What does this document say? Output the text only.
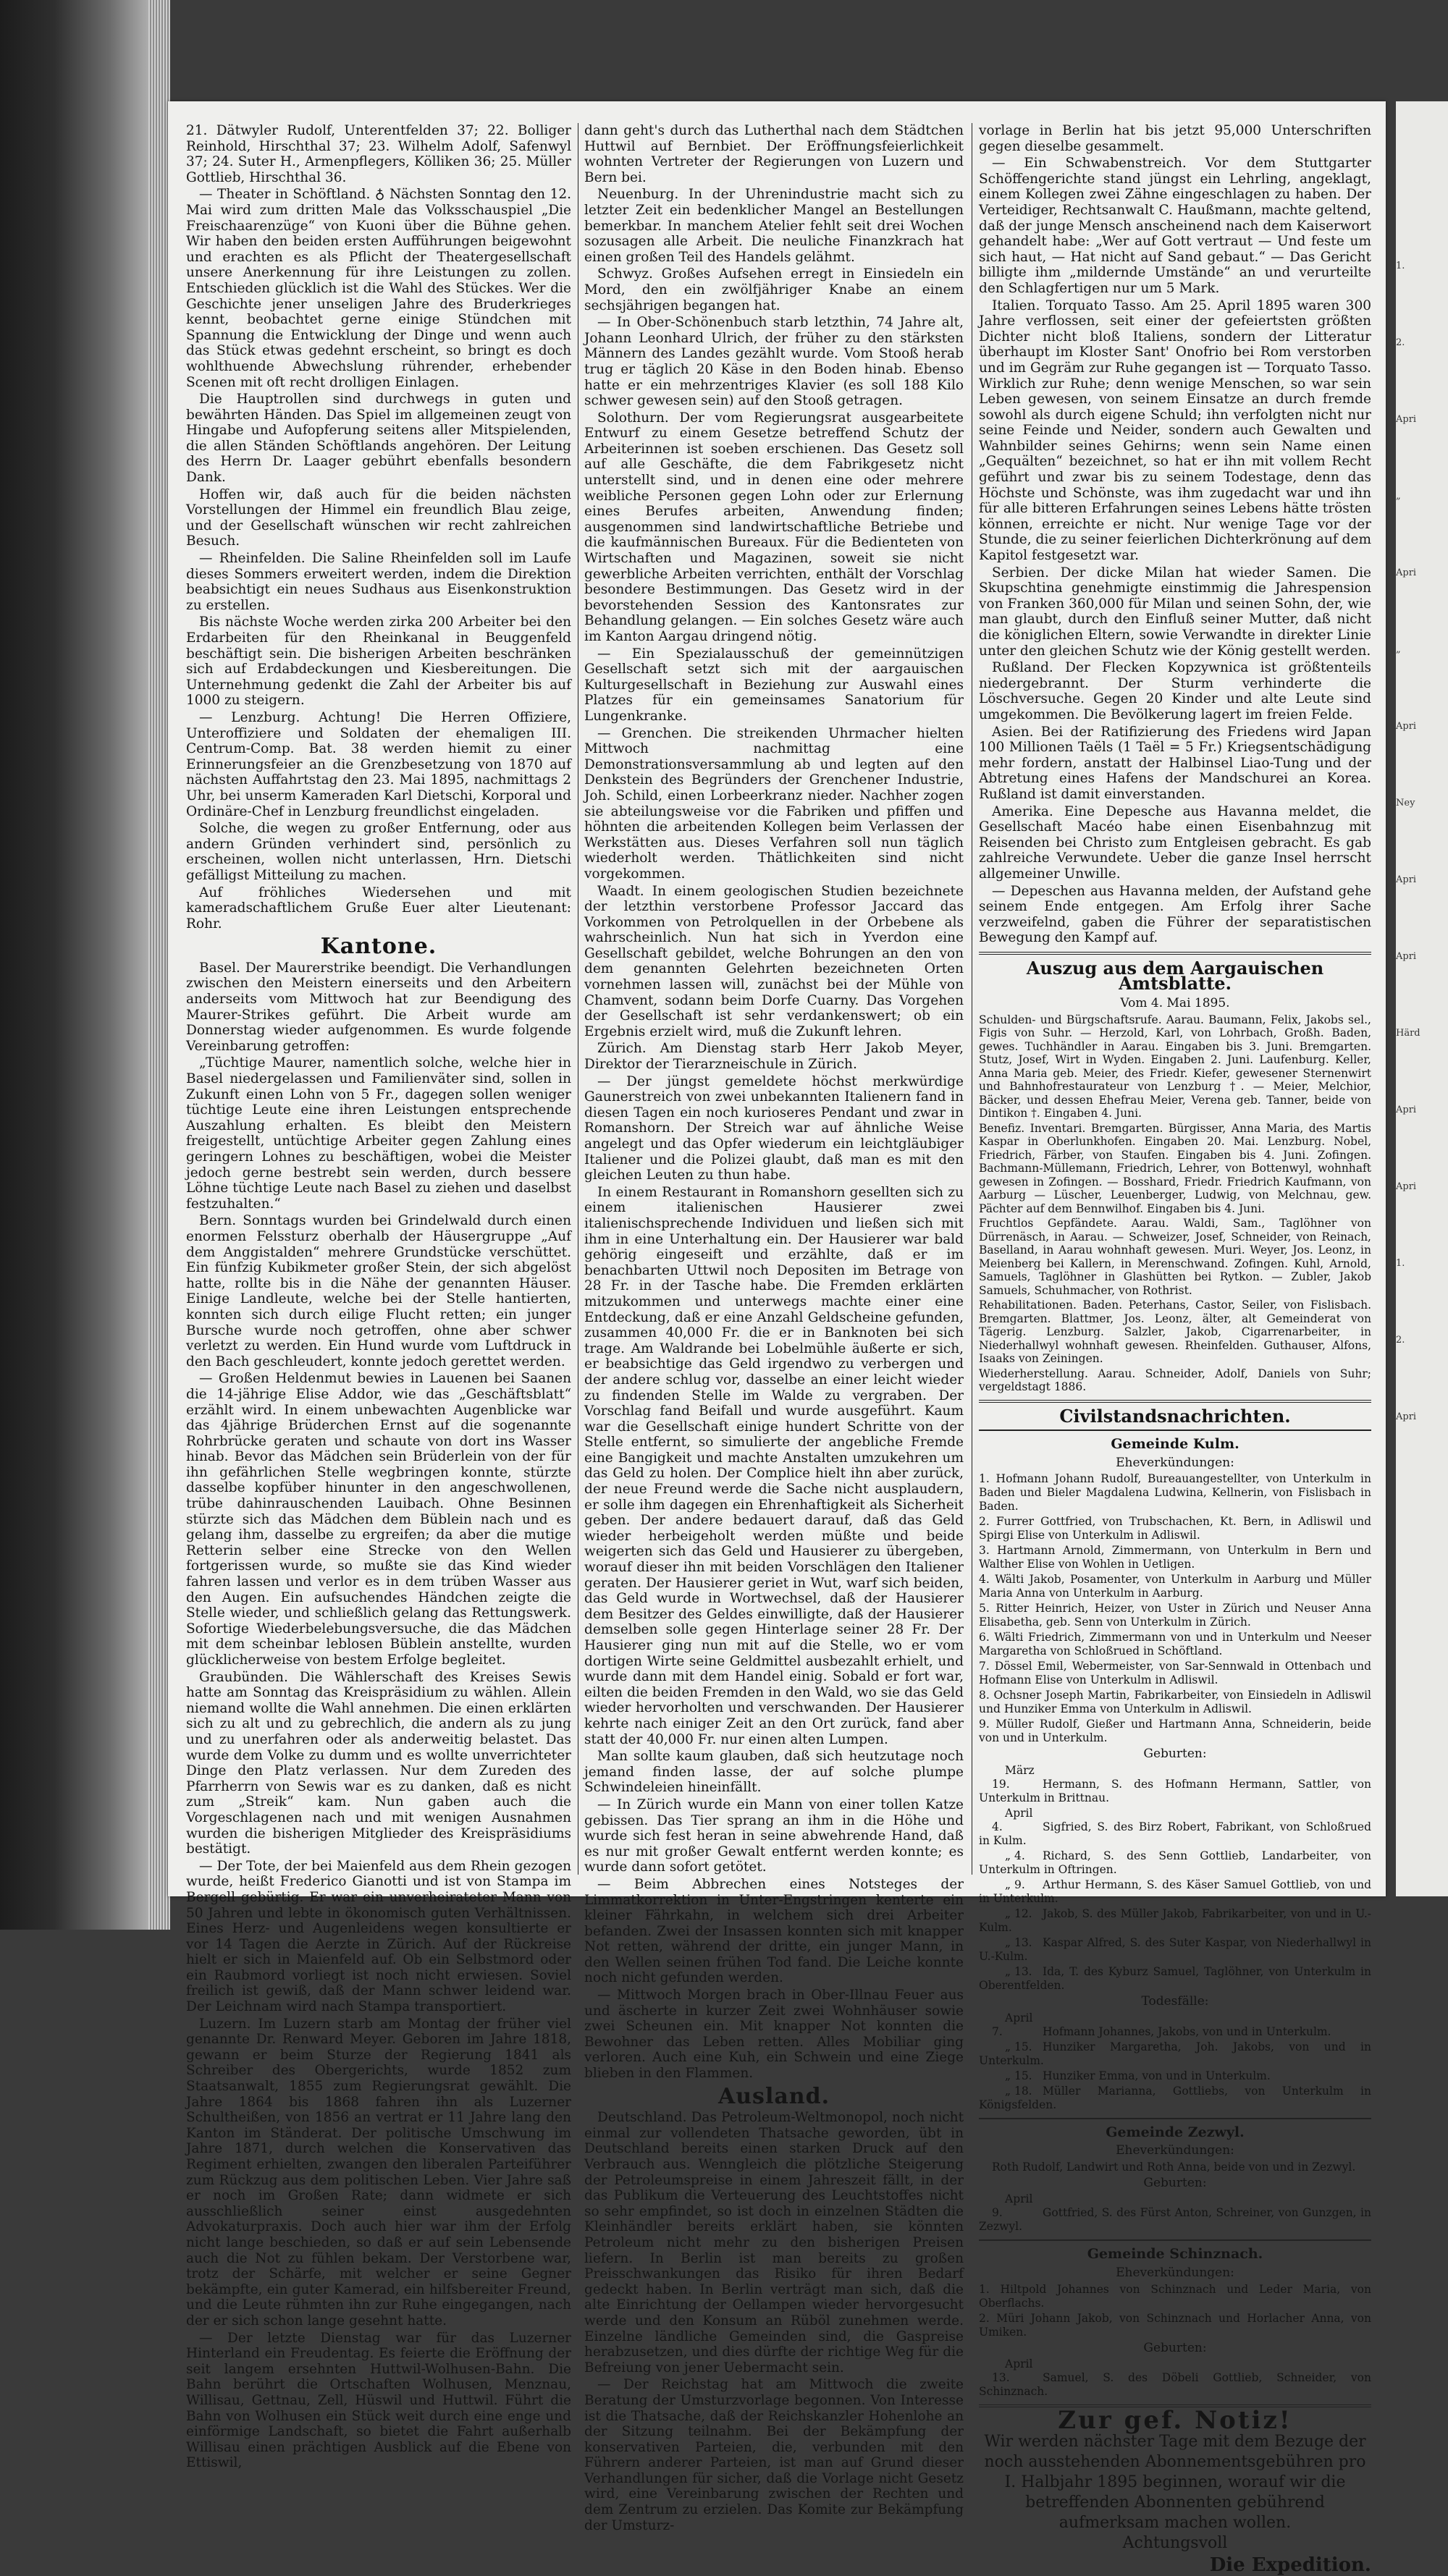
21. Dätwyler Rudolf, Unterentfelden 37; 22. Bolliger Reinhold, Hirschthal 37; 23. Wilhelm Adolf, Safenwyl 37; 24. Suter H., Armenpflegers, Kölliken 36; 25. Müller Gottlieb, Hirschthal 36.

— Theater in Schöftland. ♁ Nächsten Sonntag den 12. Mai wird zum dritten Male das Volksschauspiel „Die Freischaarenzüge“ von Kuoni über die Bühne gehen. Wir haben den beiden ersten Aufführungen beigewohnt und erachten es als Pflicht der Theatergesellschaft unsere Anerkennung für ihre Leistungen zu zollen. Entschieden glücklich ist die Wahl des Stückes. Wer die Geschichte jener unseligen Jahre des Bruderkrieges kennt, beobachtet gerne einige Stündchen mit Spannung die Entwicklung der Dinge und wenn auch das Stück etwas gedehnt erscheint, so bringt es doch wohlthuende Abwechslung rührender, erhebender Scenen mit oft recht drolligen Einlagen.

Die Hauptrollen sind durchwegs in guten und bewährten Händen. Das Spiel im allgemeinen zeugt von Hingabe und Aufopferung seitens aller Mitspielenden, die allen Ständen Schöftlands angehören. Der Leitung des Herrn Dr. Laager gebührt ebenfalls besondern Dank.

Hoffen wir, daß auch für die beiden nächsten Vorstellungen der Himmel ein freundlich Blau zeige, und der Gesellschaft wünschen wir recht zahlreichen Besuch.

— Rheinfelden. Die Saline Rheinfelden soll im Laufe dieses Sommers erweitert werden, indem die Direktion beabsichtigt ein neues Sudhaus aus Eisenkonstruktion zu erstellen.

Bis nächste Woche werden zirka 200 Arbeiter bei den Erdarbeiten für den Rheinkanal in Beuggenfeld beschäftigt sein. Die bisherigen Arbeiten beschränken sich auf Erdabdeckungen und Kiesbereitungen. Die Unternehmung gedenkt die Zahl der Arbeiter bis auf 1000 zu steigern.

— Lenzburg. Achtung! Die Herren Offiziere, Unteroffiziere und Soldaten der ehemaligen III. Centrum-Comp. Bat. 38 werden hiemit zu einer Erinnerungsfeier an die Grenzbesetzung von 1870 auf nächsten Auffahrtstag den 23. Mai 1895, nachmittags 2 Uhr, bei unserm Kameraden Karl Dietschi, Korporal und Ordinäre-Chef in Lenzburg freundlichst eingeladen.

Solche, die wegen zu großer Entfernung, oder aus andern Gründen verhindert sind, persönlich zu erscheinen, wollen nicht unterlassen, Hrn. Dietschi gefälligst Mitteilung zu machen.

Auf fröhliches Wiedersehen und mit kameradschaftlichem Gruße Euer alter Lieutenant: Rohr.

Kantone.

Basel. Der Maurerstrike beendigt. Die Verhandlungen zwischen den Meistern einerseits und den Arbeitern anderseits vom Mittwoch hat zur Beendigung des Maurer-Strikes geführt. Die Arbeit wurde am Donnerstag wieder aufgenommen. Es wurde folgende Vereinbarung getroffen:

„Tüchtige Maurer, namentlich solche, welche hier in Basel niedergelassen und Familienväter sind, sollen in Zukunft einen Lohn von 5 Fr., dagegen sollen weniger tüchtige Leute eine ihren Leistungen entsprechende Auszahlung erhalten. Es bleibt den Meistern freigestellt, untüchtige Arbeiter gegen Zahlung eines geringern Lohnes zu beschäftigen, wobei die Meister jedoch gerne bestrebt sein werden, durch bessere Löhne tüchtige Leute nach Basel zu ziehen und daselbst festzuhalten.“

Bern. Sonntags wurden bei Grindelwald durch einen enormen Felssturz oberhalb der Häusergruppe „Auf dem Anggistalden“ mehrere Grundstücke verschüttet. Ein fünfzig Kubikmeter großer Stein, der sich abgelöst hatte, rollte bis in die Nähe der genannten Häuser. Einige Landleute, welche bei der Stelle hantierten, konnten sich durch eilige Flucht retten; ein junger Bursche wurde noch getroffen, ohne aber schwer verletzt zu werden. Ein Hund wurde vom Luftdruck in den Bach geschleudert, konnte jedoch gerettet werden.

— Großen Heldenmut bewies in Lauenen bei Saanen die 14-jährige Elise Addor, wie das „Geschäftsblatt“ erzählt wird. In einem unbewachten Augenblicke war das 4jährige Brüderchen Ernst auf die sogenannte Rohrbrücke geraten und schaute von dort ins Wasser hinab. Bevor das Mädchen sein Brüderlein von der für ihn gefährlichen Stelle wegbringen konnte, stürzte dasselbe kopfüber hinunter in den angeschwollenen, trübe dahinrauschenden Lauibach. Ohne Besinnen stürzte sich das Mädchen dem Büblein nach und es gelang ihm, dasselbe zu ergreifen; da aber die mutige Retterin selber eine Strecke von den Wellen fortgerissen wurde, so mußte sie das Kind wieder fahren lassen und verlor es in dem trüben Wasser aus den Augen. Ein aufsuchendes Händchen zeigte die Stelle wieder, und schließlich gelang das Rettungswerk. Sofortige Wiederbelebungsversuche, die das Mädchen mit dem scheinbar leblosen Büblein anstellte, wurden glücklicherweise von bestem Erfolge begleitet.

Graubünden. Die Wählerschaft des Kreises Sewis hatte am Sonntag das Kreispräsidium zu wählen. Allein niemand wollte die Wahl annehmen. Die einen erklärten sich zu alt und zu gebrechlich, die andern als zu jung und zu unerfahren oder als anderweitig belastet. Das wurde dem Volke zu dumm und es wollte unverrichteter Dinge den Platz verlassen. Nur dem Zureden des Pfarrherrn von Sewis war es zu danken, daß es nicht zum „Streik“ kam. Nun gaben auch die Vorgeschlagenen nach und mit wenigen Ausnahmen wurden die bisherigen Mitglieder des Kreispräsidiums bestätigt.

— Der Tote, der bei Maienfeld aus dem Rhein gezogen wurde, heißt Frederico Gianotti und ist von Stampa im Bergell gebürtig. Er war ein unverheirateter Mann von 50 Jahren und lebte in ökonomisch guten Verhältnissen. Eines Herz- und Augenleidens wegen konsultierte er vor 14 Tagen die Aerzte in Zürich. Auf der Rückreise hielt er sich in Maienfeld auf. Ob ein Selbstmord oder ein Raubmord vorliegt ist noch nicht erwiesen. Soviel freilich ist gewiß, daß der Mann schwer leidend war. Der Leichnam wird nach Stampa transportiert.

Luzern. Im Luzern starb am Montag der früher viel genannte Dr. Renward Meyer. Geboren im Jahre 1818, gewann er beim Sturze der Regierung 1841 als Schreiber des Obergerichts, wurde 1852 zum Staatsanwalt, 1855 zum Regierungsrat gewählt. Die Jahre 1864 bis 1868 fahren ihn als Luzerner Schultheißen, von 1856 an vertrat er 11 Jahre lang den Kanton im Ständerat. Der politische Umschwung im Jahre 1871, durch welchen die Konservativen das Regiment erhielten, zwangen den liberalen Parteiführer zum Rückzug aus dem politischen Leben. Vier Jahre saß er noch im Großen Rate; dann widmete er sich ausschließlich seiner einst ausgedehnten Advokaturpraxis. Doch auch hier war ihm der Erfolg nicht lange beschieden, so daß er auf sein Lebensende auch die Not zu fühlen bekam. Der Verstorbene war, trotz der Schärfe, mit welcher er seine Gegner bekämpfte, ein guter Kamerad, ein hilfsbereiter Freund, und die Leute rühmten ihn zur Ruhe eingegangen, nach der er sich schon lange gesehnt hatte.

— Der letzte Dienstag war für das Luzerner Hinterland ein Freudentag. Es feierte die Eröffnung der seit langem ersehnten Huttwil-Wolhusen-Bahn. Die Bahn berührt die Ortschaften Wolhusen, Menznau, Willisau, Gettnau, Zell, Hüswil und Huttwil. Führt die Bahn von Wolhusen ein Stück weit durch eine enge und einförmige Landschaft, so bietet die Fahrt außerhalb Willisau einen prächtigen Ausblick auf die Ebene von Ettiswil,

dann geht's durch das Lutherthal nach dem Städtchen Huttwil auf Bernbiet. Der Eröffnungsfeierlichkeit wohnten Vertreter der Regierungen von Luzern und Bern bei.

Neuenburg. In der Uhrenindustrie macht sich zu letzter Zeit ein bedenklicher Mangel an Bestellungen bemerkbar. In manchem Atelier fehlt seit drei Wochen sozusagen alle Arbeit. Die neuliche Finanzkrach hat einen großen Teil des Handels gelähmt.

Schwyz. Großes Aufsehen erregt in Einsiedeln ein Mord, den ein zwölfjähriger Knabe an einem sechsjährigen begangen hat.

— In Ober-Schönenbuch starb letzthin, 74 Jahre alt, Johann Leonhard Ulrich, der früher zu den stärksten Männern des Landes gezählt wurde. Vom Stooß herab trug er täglich 20 Käse in den Boden hinab. Ebenso hatte er ein mehrzentriges Klavier (es soll 188 Kilo schwer gewesen sein) auf den Stooß getragen.

Solothurn. Der vom Regierungsrat ausgearbeitete Entwurf zu einem Gesetze betreffend Schutz der Arbeiterinnen ist soeben erschienen. Das Gesetz soll auf alle Geschäfte, die dem Fabrikgesetz nicht unterstellt sind, und in denen eine oder mehrere weibliche Personen gegen Lohn oder zur Erlernung eines Berufes arbeiten, Anwendung finden; ausgenommen sind landwirtschaftliche Betriebe und die kaufmännischen Bureaux. Für die Bedienteten von Wirtschaften und Magazinen, soweit sie nicht gewerbliche Arbeiten verrichten, enthält der Vorschlag besondere Bestimmungen. Das Gesetz wird in der bevorstehenden Session des Kantonsrates zur Behandlung gelangen. — Ein solches Gesetz wäre auch im Kanton Aargau dringend nötig.

— Ein Spezialausschuß der gemeinnützigen Gesellschaft setzt sich mit der aargauischen Kulturgesellschaft in Beziehung zur Auswahl eines Platzes für ein gemeinsames Sanatorium für Lungenkranke.

— Grenchen. Die streikenden Uhrmacher hielten Mittwoch nachmittag eine Demonstrationsversammlung ab und legten auf den Denkstein des Begründers der Grenchener Industrie, Joh. Schild, einen Lorbeerkranz nieder. Nachher zogen sie abteilungsweise vor die Fabriken und pfiffen und höhnten die arbeitenden Kollegen beim Verlassen der Werkstätten aus. Dieses Verfahren soll nun täglich wiederholt werden. Thätlichkeiten sind nicht vorgekommen.

Waadt. In einem geologischen Studien bezeichnete der letzthin verstorbene Professor Jaccard das Vorkommen von Petrolquellen in der Orbebene als wahrscheinlich. Nun hat sich in Yverdon eine Gesellschaft gebildet, welche Bohrungen an den von dem genannten Gelehrten bezeichneten Orten vornehmen lassen will, zunächst bei der Mühle von Chamvent, sodann beim Dorfe Cuarny. Das Vorgehen der Gesellschaft ist sehr verdankenswert; ob ein Ergebnis erzielt wird, muß die Zukunft lehren.

Zürich. Am Dienstag starb Herr Jakob Meyer, Direktor der Tierarzneischule in Zürich.

— Der jüngst gemeldete höchst merkwürdige Gaunerstreich von zwei unbekannten Italienern fand in diesen Tagen ein noch kurioseres Pendant und zwar in Romanshorn. Der Streich war auf ähnliche Weise angelegt und das Opfer wiederum ein leichtgläubiger Italiener und die Polizei glaubt, daß man es mit den gleichen Leuten zu thun habe.

In einem Restaurant in Romanshorn gesellten sich zu einem italienischen Hausierer zwei italienischsprechende Individuen und ließen sich mit ihm in eine Unterhaltung ein. Der Hausierer war bald gehörig eingeseift und erzählte, daß er im benachbarten Uttwil noch Depositen im Betrage von 28 Fr. in der Tasche habe. Die Fremden erklärten mitzukommen und unterwegs machte einer eine Entdeckung, daß er eine Anzahl Geldscheine gefunden, zusammen 40,000 Fr. die er in Banknoten bei sich trage. Am Waldrande bei Lobelmühle äußerte er sich, er beabsichtige das Geld irgendwo zu verbergen und der andere schlug vor, dasselbe an einer leicht wieder zu findenden Stelle im Walde zu vergraben. Der Vorschlag fand Beifall und wurde ausgeführt. Kaum war die Gesellschaft einige hundert Schritte von der Stelle entfernt, so simulierte der angebliche Fremde eine Bangigkeit und machte Anstalten umzukehren um das Geld zu holen. Der Complice hielt ihn aber zurück, der neue Freund werde die Sache nicht ausplaudern, er solle ihm dagegen ein Ehrenhaftigkeit als Sicherheit geben. Der andere bedauert darauf, daß das Geld wieder herbeigeholt werden müßte und beide weigerten sich das Geld und Hausierer zu übergeben, worauf dieser ihn mit beiden Vorschlägen den Italiener geraten. Der Hausierer geriet in Wut, warf sich beiden, das Geld wurde in Wortwechsel, daß der Hausierer dem Besitzer des Geldes einwilligte, daß der Hausierer demselben solle gegen Hinterlage seiner 28 Fr. Der Hausierer ging nun mit auf die Stelle, wo er vom dortigen Wirte seine Geldmittel ausbezahlt erhielt, und wurde dann mit dem Handel einig. Sobald er fort war, eilten die beiden Fremden in den Wald, wo sie das Geld wieder hervorholten und verschwanden. Der Hausierer kehrte nach einiger Zeit an den Ort zurück, fand aber statt der 40,000 Fr. nur einen alten Lumpen.

Man sollte kaum glauben, daß sich heutzutage noch jemand finden lasse, der auf solche plumpe Schwindeleien hineinfällt.

— In Zürich wurde ein Mann von einer tollen Katze gebissen. Das Tier sprang an ihm in die Höhe und wurde sich fest heran in seine abwehrende Hand, daß es nur mit großer Gewalt entfernt werden konnte; es wurde dann sofort getötet.

— Beim Abbrechen eines Notsteges der Limmatkorrektion in Unter-Engstringen kenterte ein kleiner Fährkahn, in welchem sich drei Arbeiter befanden. Zwei der Insassen konnten sich mit knapper Not retten, während der dritte, ein junger Mann, in den Wellen seinen frühen Tod fand. Die Leiche konnte noch nicht gefunden werden.

— Mittwoch Morgen brach in Ober-Illnau Feuer aus und äscherte in kurzer Zeit zwei Wohnhäuser sowie zwei Scheunen ein. Mit knapper Not konnten die Bewohner das Leben retten. Alles Mobiliar ging verloren. Auch eine Kuh, ein Schwein und eine Ziege blieben in den Flammen.

Ausland.

Deutschland. Das Petroleum-Weltmonopol, noch nicht einmal zur vollendeten Thatsache geworden, übt in Deutschland bereits einen starken Druck auf den Verbrauch aus. Wenngleich die plötzliche Steigerung der Petroleumspreise in einem Jahreszeit fällt, in der das Publikum die Verteuerung des Leuchtstoffes nicht so sehr empfindet, so ist doch in einzelnen Städten die Kleinhändler bereits erklärt haben, sie könnten Petroleum nicht mehr zu den bisherigen Preisen liefern. In Berlin ist man bereits zu großen Preisschwankungen das Risiko für ihren Bedarf gedeckt haben. In Berlin verträgt man sich, daß die alte Einrichtung der Oellampen wieder hervorgesucht werde und den Konsum an Rüböl zunehmen werde. Einzelne ländliche Gemeinden sind, die Gaspreise herabzusetzen, und dies dürfte der richtige Weg für die Befreiung von jener Uebermacht sein.

— Der Reichstag hat am Mittwoch die zweite Beratung der Umsturzvorlage begonnen. Von Interesse ist die Thatsache, daß der Reichskanzler Hohenlohe an der Sitzung teilnahm. Bei der Bekämpfung der konservativen Parteien, die, verbunden mit den Führern anderer Parteien, ist man auf Grund dieser Verhandlungen für sicher, daß die Vorlage nicht Gesetz wird, eine Vereinbarung zwischen der Rechten und dem Zentrum zu erzielen. Das Komite zur Bekämpfung der Umsturz-

vorlage in Berlin hat bis jetzt 95,000 Unterschriften gegen dieselbe gesammelt.

— Ein Schwabenstreich. Vor dem Stuttgarter Schöffengerichte stand jüngst ein Lehrling, angeklagt, einem Kollegen zwei Zähne eingeschlagen zu haben. Der Verteidiger, Rechtsanwalt C. Haußmann, machte geltend, daß der junge Mensch anscheinend nach dem Kaiserwort gehandelt habe: „Wer auf Gott vertraut — Und feste um sich haut, — Hat nicht auf Sand gebaut.“ — Das Gericht billigte ihm „mildernde Umstände“ an und verurteilte den Schlagfertigen nur um 5 Mark.

Italien. Torquato Tasso. Am 25. April 1895 waren 300 Jahre verflossen, seit einer der gefeiertsten größten Dichter nicht bloß Italiens, sondern der Litteratur überhaupt im Kloster Sant' Onofrio bei Rom verstorben und im Gegräm zur Ruhe gegangen ist — Torquato Tasso. Wirklich zur Ruhe; denn wenige Menschen, so war sein Leben gewesen, von seinem Einsatze an durch fremde sowohl als durch eigene Schuld; ihn verfolgten nicht nur seine Feinde und Neider, sondern auch Gewalten und Wahnbilder seines Gehirns; wenn sein Name einen „Gequälten“ bezeichnet, so hat er ihn mit vollem Recht geführt und zwar bis zu seinem Todestage, denn das Höchste und Schönste, was ihm zugedacht war und ihn für alle bitteren Erfahrungen seines Lebens hätte trösten können, erreichte er nicht. Nur wenige Tage vor der Stunde, die zu seiner feierlichen Dichterkrönung auf dem Kapitol festgesetzt war.

Serbien. Der dicke Milan hat wieder Samen. Die Skupschtina genehmigte einstimmig die Jahrespension von Franken 360,000 für Milan und seinen Sohn, der, wie man glaubt, durch den Einfluß seiner Mutter, daß nicht die königlichen Eltern, sowie Verwandte in direkter Linie unter den gleichen Schutz wie der König gestellt werden.

Rußland. Der Flecken Kopzywnica ist größtenteils niedergebrannt. Der Sturm verhinderte die Löschversuche. Gegen 20 Kinder und alte Leute sind umgekommen. Die Bevölkerung lagert im freien Felde.

Asien. Bei der Ratifizierung des Friedens wird Japan 100 Millionen Taëls (1 Taël = 5 Fr.) Kriegsentschädigung mehr fordern, anstatt der Halbinsel Liao-Tung und der Abtretung eines Hafens der Mandschurei an Korea. Rußland ist damit einverstanden.

Amerika. Eine Depesche aus Havanna meldet, die Gesellschaft Macéo habe einen Eisenbahnzug mit Reisenden bei Christo zum Entgleisen gebracht. Es gab zahlreiche Verwundete. Ueber die ganze Insel herrscht allgemeiner Unwille.

— Depeschen aus Havanna melden, der Aufstand gehe seinem Ende entgegen. Am Erfolg ihrer Sache verzweifelnd, gaben die Führer der separatistischen Bewegung den Kampf auf.

Auszug aus dem Aargauischen Amtsblatte.
Vom 4. Mai 1895.

Schulden- und Bürgschaftsrufe. Aarau. Baumann, Felix, Jakobs sel., Figis von Suhr. — Herzold, Karl, von Lohrbach, Großh. Baden, gewes. Tuchhändler in Aarau. Eingaben bis 3. Juni. Bremgarten. Stutz, Josef, Wirt in Wyden. Eingaben 2. Juni. Laufenburg. Keller, Anna Maria geb. Meier, des Friedr. Kiefer, gewesener Sternenwirt und Bahnhofrestaurateur von Lenzburg †. — Meier, Melchior, Bäcker, und dessen Ehefrau Meier, Verena geb. Tanner, beide von Dintikon †. Eingaben 4. Juni.

Benefiz. Inventari. Bremgarten. Bürgisser, Anna Maria, des Martis Kaspar in Oberlunkhofen. Eingaben 20. Mai. Lenzburg. Nobel, Friedrich, Färber, von Staufen. Eingaben bis 4. Juni. Zofingen. Bachmann-Müllemann, Friedrich, Lehrer, von Bottenwyl, wohnhaft gewesen in Zofingen. — Bosshard, Friedr. Friedrich Kaufmann, von Aarburg — Lüscher, Leuenberger, Ludwig, von Melchnau, gew. Pächter auf dem Bennwilhof. Eingaben bis 4. Juni.

Fruchtlos Gepfändete. Aarau. Waldi, Sam., Taglöhner von Dürrenäsch, in Aarau. — Schweizer, Josef, Schneider, von Reinach, Baselland, in Aarau wohnhaft gewesen. Muri. Weyer, Jos. Leonz, in Meienberg bei Kallern, in Merenschwand. Zofingen. Kuhl, Arnold, Samuels, Taglöhner in Glashütten bei Rytkon. — Zubler, Jakob Samuels, Schuhmacher, von Rothrist.

Rehabilitationen. Baden. Peterhans, Castor, Seiler, von Fislisbach. Bremgarten. Blattmer, Jos. Leonz, älter, alt Gemeinderat von Tägerig. Lenzburg. Salzler, Jakob, Cigarrenarbeiter, in Niederhallwyl wohnhaft gewesen. Rheinfelden. Guthauser, Alfons, Isaaks von Zeiningen.

Wiederherstellung. Aarau. Schneider, Adolf, Daniels von Suhr; vergeldstagt 1886.

Civilstandsnachrichten.
Gemeinde Kulm.
Eheverkündungen:
1. Hofmann Johann Rudolf, Bureauangestellter, von Unterkulm in Baden und Bieler Magdalena Ludwina, Kellnerin, von Fislisbach in Baden.
2. Furrer Gottfried, von Trubschachen, Kt. Bern, in Adliswil und Spirgi Elise von Unterkulm in Adliswil.
3. Hartmann Arnold, Zimmermann, von Unterkulm in Bern und Walther Elise von Wohlen in Uetligen.
4. Wälti Jakob, Posamenter, von Unterkulm in Aarburg und Müller Maria Anna von Unterkulm in Aarburg.
5. Ritter Heinrich, Heizer, von Uster in Zürich und Neuser Anna Elisabetha, geb. Senn von Unterkulm in Zürich.
6. Wälti Friedrich, Zimmermann von und in Unterkulm und Neeser Margaretha von Schloßrued in Schöftland.
7. Dössel Emil, Webermeister, von Sar-Sennwald in Ottenbach und Hofmann Elise von Unterkulm in Adliswil.
8. Ochsner Joseph Martin, Fabrikarbeiter, von Einsiedeln in Adliswil und Hunziker Emma von Unterkulm in Adliswil.
9. Müller Rudolf, Gießer und Hartmann Anna, Schneiderin, beide von und in Unterkulm.
Geburten:

März 19.	Hermann, S. des Hofmann Hermann, Sattler, von Unterkulm in Brittnau.

April 4.	Sigfried, S. des Birz Robert, Fabrikant, von Schloßrued in Kulm.

„ 4. Richard, S. des Senn Gottlieb, Landarbeiter, von Unterkulm in Oftringen.

„ 9. Arthur Hermann, S. des Käser Samuel Gottlieb, von und in Unterkulm.

„ 12. Jakob, S. des Müller Jakob, Fabrikarbeiter, von und in U.-Kulm.

„ 13. Kaspar Alfred, S. des Suter Kaspar, von Niederhallwyl in U.-Kulm.

„ 13. Ida, T. des Kyburz Samuel, Taglöhner, von Unterkulm in Oberentfelden.

Todesfälle:

April 7.	Hofmann Johannes, Jakobs, von und in Unterkulm.

„ 15. Hunziker Margaretha, Joh. Jakobs, von und in Unterkulm.

„ 15. Hunziker Emma, von und in Unterkulm.

„ 18. Müller Marianna, Gottliebs, von Unterkulm in Königsfelden.

Gemeinde Zezwyl.
Eheverkündungen:

Roth Rudolf, Landwirt und Roth Anna, beide von und in Zezwyl.

Geburten:

April 9.	Gottfried, S. des Fürst Anton, Schreiner, von Gunzgen, in Zezwyl.

Gemeinde Schinznach.
Eheverkündungen:
1. Hiltpold Johannes von Schinznach und Leder Maria, von Oberflachs.
2. Müri Johann Jakob, von Schinznach und Horlacher Anna, von Umiken.
Geburten:

April 13.	Samuel, S. des Döbeli Gottlieb, Schneider, von Schinznach.

Zur gef. Notiz!
Wir werden nächster Tage mit dem Bezuge der noch ausstehenden Abonnementsgebühren pro I. Halbjahr 1895 beginnen, worauf wir die betreffenden Abonnenten gebührend aufmerksam machen wollen.
Achtungsvoll
Die Expedition.
1.
2.
Apri
„
Apri
„
Apri
Ney
Apri
Apri
Härd
Apri
Apri
1.
2.
Apri
